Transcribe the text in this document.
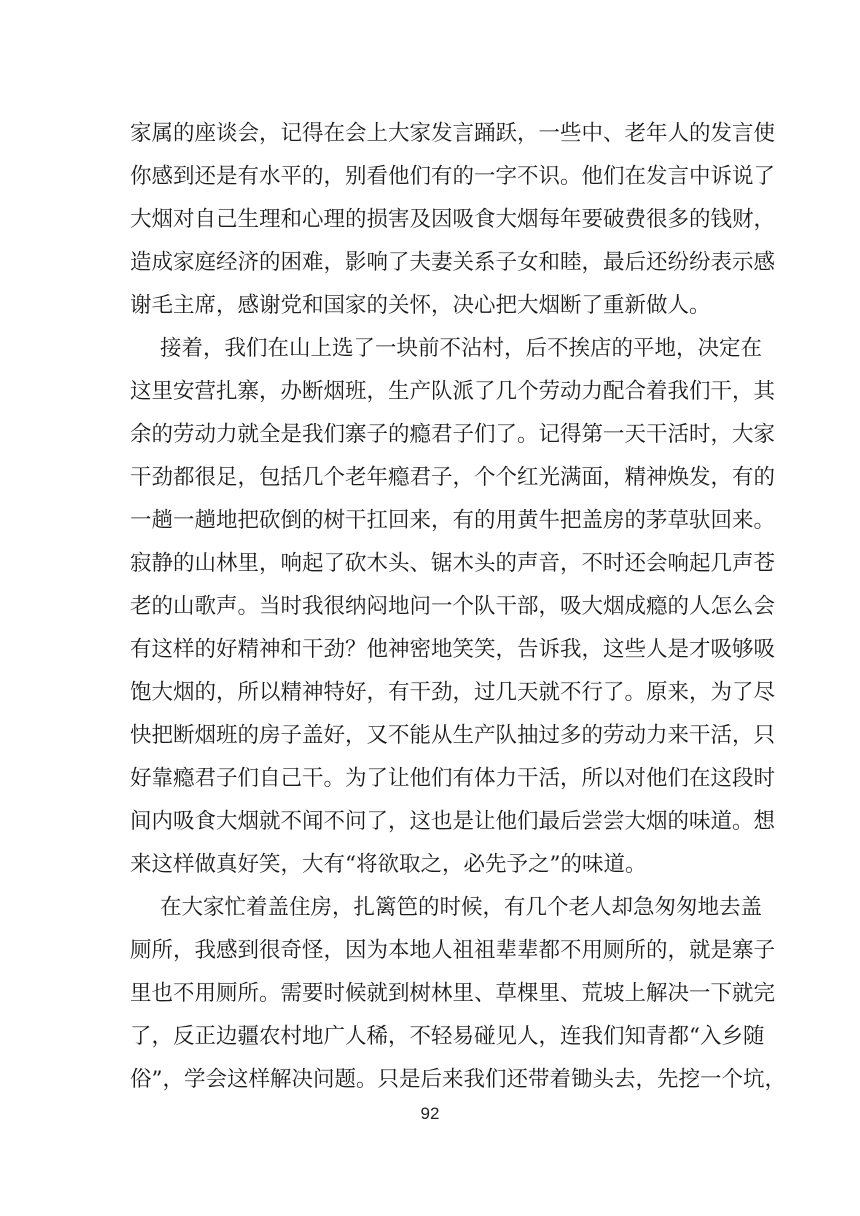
家属的座谈会，记得在会上大家发言踊跃，一些中、老年人的发言使
你感到还是有水平的，别看他们有的一字不识。他们在发言中诉说了
大烟对自己生理和心理的损害及因吸食大烟每年要破费很多的钱财，
造成家庭经济的困难，影响了夫妻关系子女和睦，最后还纷纷表示感
谢毛主席，感谢党和国家的关怀，决心把大烟断了重新做人。
接着，我们在山上选了一块前不沾村，后不挨店的平地，决定在
这里安营扎寨，办断烟班，生产队派了几个劳动力配合着我们干，其
余的劳动力就全是我们寨子的瘾君子们了。记得第一天干活时，大家
干劲都很足，包括几个老年瘾君子，个个红光满面，精神焕发，有的
一趟一趟地把砍倒的树干扛回来，有的用黄牛把盖房的茅草驮回来。
寂静的山林里，响起了砍木头、锯木头的声音，不时还会响起几声苍
老的山歌声。当时我很纳闷地问一个队干部，吸大烟成瘾的人怎么会
有这样的好精神和干劲？他神密地笑笑，告诉我，这些人是才吸够吸
饱大烟的，所以精神特好，有干劲，过几天就不行了。原来，为了尽
快把断烟班的房子盖好，又不能从生产队抽过多的劳动力来干活，只
好靠瘾君子们自己干。为了让他们有体力干活，所以对他们在这段时
间内吸食大烟就不闻不问了，这也是让他们最后尝尝大烟的味道。想
来这样做真好笑，大有“将欲取之，必先予之”的味道。
在大家忙着盖住房，扎篱笆的时候，有几个老人却急匆匆地去盖
厕所，我感到很奇怪，因为本地人祖祖辈辈都不用厕所的，就是寨子
里也不用厕所。需要时候就到树林里、草棵里、荒坡上解决一下就完
了，反正边疆农村地广人稀，不轻易碰见人，连我们知青都“入乡随
俗”，学会这样解决问题。只是后来我们还带着锄头去，先挖一个坑，
92
